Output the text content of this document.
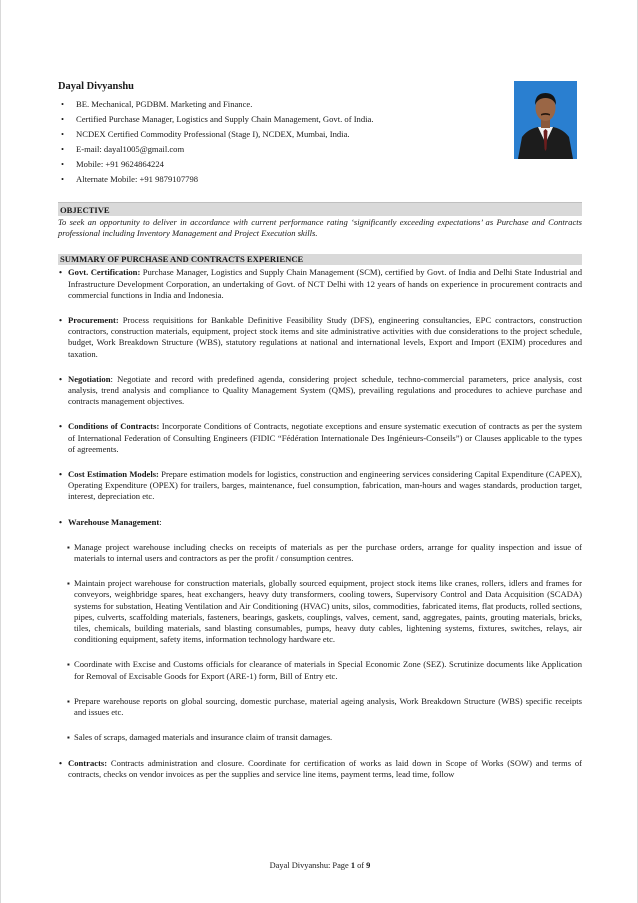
Dayal Divyanshu
• BE. Mechanical, PGDBM. Marketing and Finance.
• Certified Purchase Manager, Logistics and Supply Chain Management, Govt. of India.
• NCDEX Certified Commodity Professional (Stage I), NCDEX, Mumbai, India.
• E-mail: dayal1005@gmail.com
• Mobile: +91 9624864224
• Alternate Mobile: +91 9879107798
OBJECTIVE

To seek an opportunity to deliver in accordance with current performance rating ‘significantly exceeding expectations’ as Purchase and Contracts professional including Inventory Management and Project Execution skills.

SUMMARY OF PURCHASE AND CONTRACTS EXPERIENCE

• Govt. Certification: Purchase Manager, Logistics and Supply Chain Management (SCM), certified by Govt. of India and Delhi State Industrial and Infrastructure Development Corporation, an undertaking of Govt. of NCT Delhi with 12 years of hands on experience in procurement contracts and commercial functions in India and Indonesia.

• Procurement: Process requisitions for Bankable Definitive Feasibility Study (DFS), engineering consultancies, EPC contractors, construction contractors, construction materials, equipment, project stock items and site administrative activities with due considerations to the project schedule, budget, Work Breakdown Structure (WBS), statutory regulations at national and international levels, Export and Import (EXIM) procedures and taxation.

• Negotiation: Negotiate and record with predefined agenda, considering project schedule, techno-commercial parameters, price analysis, cost analysis, trend analysis and compliance to Quality Management System (QMS), prevailing regulations and procedures to achieve purchase and contracts management objectives.

• Conditions of Contracts: Incorporate Conditions of Contracts, negotiate exceptions and ensure systematic execution of contracts as per the system of International Federation of Consulting Engineers (FIDIC “Fédération Internationale Des Ingénieurs-Conseils”) or Clauses applicable to the types of agreements.

• Cost Estimation Models: Prepare estimation models for logistics, construction and engineering services considering Capital Expenditure (CAPEX), Operating Expenditure (OPEX) for trailers, barges, maintenance, fuel consumption, fabrication, man-hours and wages standards, production target, interest, depreciation etc.

• Warehouse Management:

▪ Manage project warehouse including checks on receipts of materials as per the purchase orders, arrange for quality inspection and issue of materials to internal users and contractors as per the profit / consumption centres.

▪ Maintain project warehouse for construction materials, globally sourced equipment, project stock items like cranes, rollers, idlers and frames for conveyors, weighbridge spares, heat exchangers, heavy duty transformers, cooling towers, Supervisory Control and Data Acquisition (SCADA) systems for substation, Heating Ventilation and Air Conditioning (HVAC) units, silos, commodities, fabricated items, flat products, rolled sections, pipes, culverts, scaffolding materials, fasteners, bearings, gaskets, couplings, valves, cement, sand, aggregates, paints, grouting materials, bricks, tiles, chemicals, building materials, sand blasting consumables, pumps, heavy duty cables, lightening systems, fixtures, switches, relays, air conditioning equipment, safety items, information technology hardware etc.

▪ Coordinate with Excise and Customs officials for clearance of materials in Special Economic Zone (SEZ). Scrutinize documents like Application for Removal of Excisable Goods for Export (ARE-1) form, Bill of Entry etc.

▪ Prepare warehouse reports on global sourcing, domestic purchase, material ageing analysis, Work Breakdown Structure (WBS) specific receipts and issues etc.

▪ Sales of scraps, damaged materials and insurance claim of transit damages.

• Contracts: Contracts administration and closure. Coordinate for certification of works as laid down in Scope of Works (SOW) and terms of contracts, checks on vendor invoices as per the supplies and service line items, payment terms, lead time, follow

Dayal Divyanshu: Page 1 of 9
